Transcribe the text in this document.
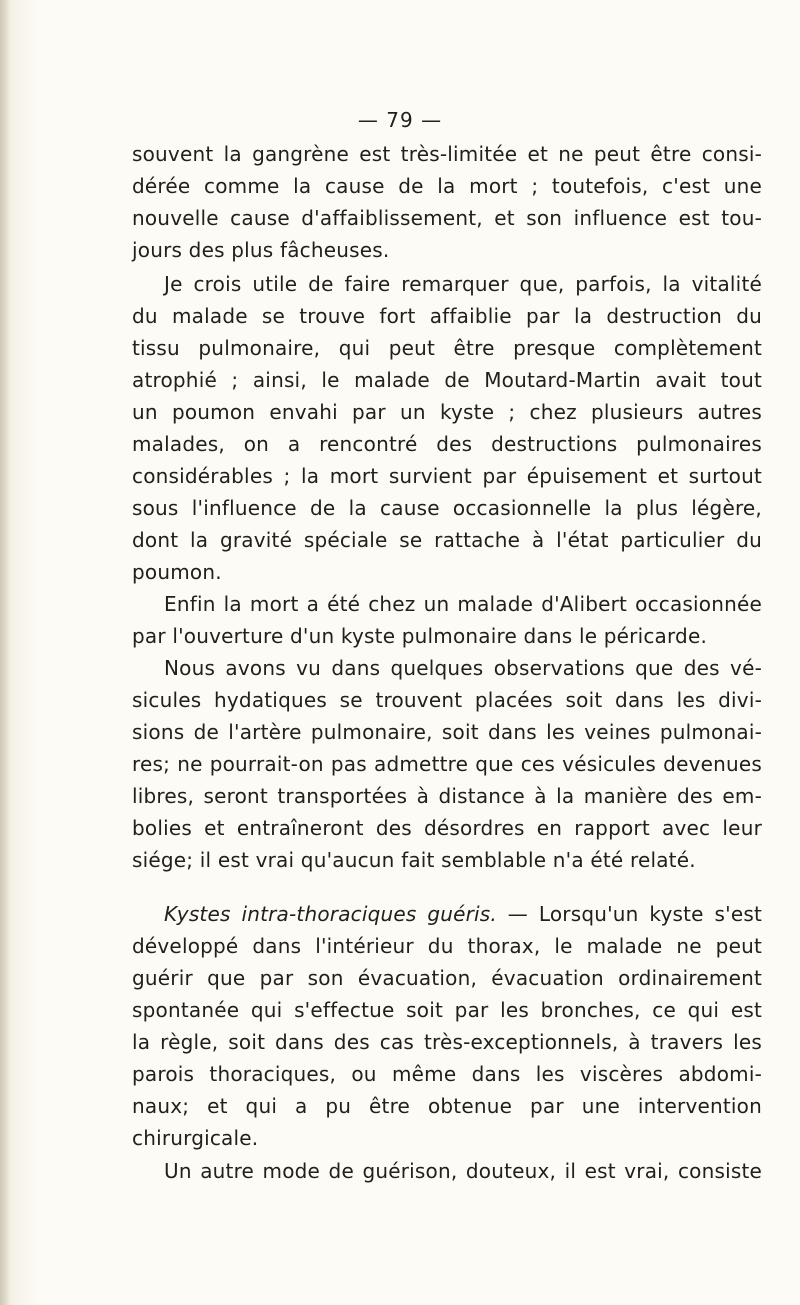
— 79 —

souvent la gangrène est très-limitée et ne peut être consi-
dérée comme la cause de la mort ; toutefois, c'est une
nouvelle cause d'affaiblissement, et son influence est tou-
jours des plus fâcheuses.

Je crois utile de faire remarquer que, parfois, la vitalité
du malade se trouve fort affaiblie par la destruction du
tissu pulmonaire, qui peut être presque complètement
atrophié ; ainsi, le malade de Moutard-Martin avait tout
un poumon envahi par un kyste ; chez plusieurs autres
malades, on a rencontré des destructions pulmonaires
considérables ; la mort survient par épuisement et surtout
sous l'influence de la cause occasionnelle la plus légère,
dont la gravité spéciale se rattache à l'état particulier du
poumon.

Enfin la mort a été chez un malade d'Alibert occasionnée
par l'ouverture d'un kyste pulmonaire dans le péricarde.

Nous avons vu dans quelques observations que des vé-
sicules hydatiques se trouvent placées soit dans les divi-
sions de l'artère pulmonaire, soit dans les veines pulmonai-
res; ne pourrait-on pas admettre que ces vésicules devenues
libres, seront transportées à distance à la manière des em-
bolies et entraîneront des désordres en rapport avec leur
siége; il est vrai qu'aucun fait semblable n'a été relaté.

Kystes intra-thoraciques guéris. — Lorsqu'un kyste s'est
développé dans l'intérieur du thorax, le malade ne peut
guérir que par son évacuation, évacuation ordinairement
spontanée qui s'effectue soit par les bronches, ce qui est
la règle, soit dans des cas très-exceptionnels, à travers les
parois thoraciques, ou même dans les viscères abdomi-
naux; et qui a pu être obtenue par une intervention
chirurgicale.

Un autre mode de guérison, douteux, il est vrai, consiste
